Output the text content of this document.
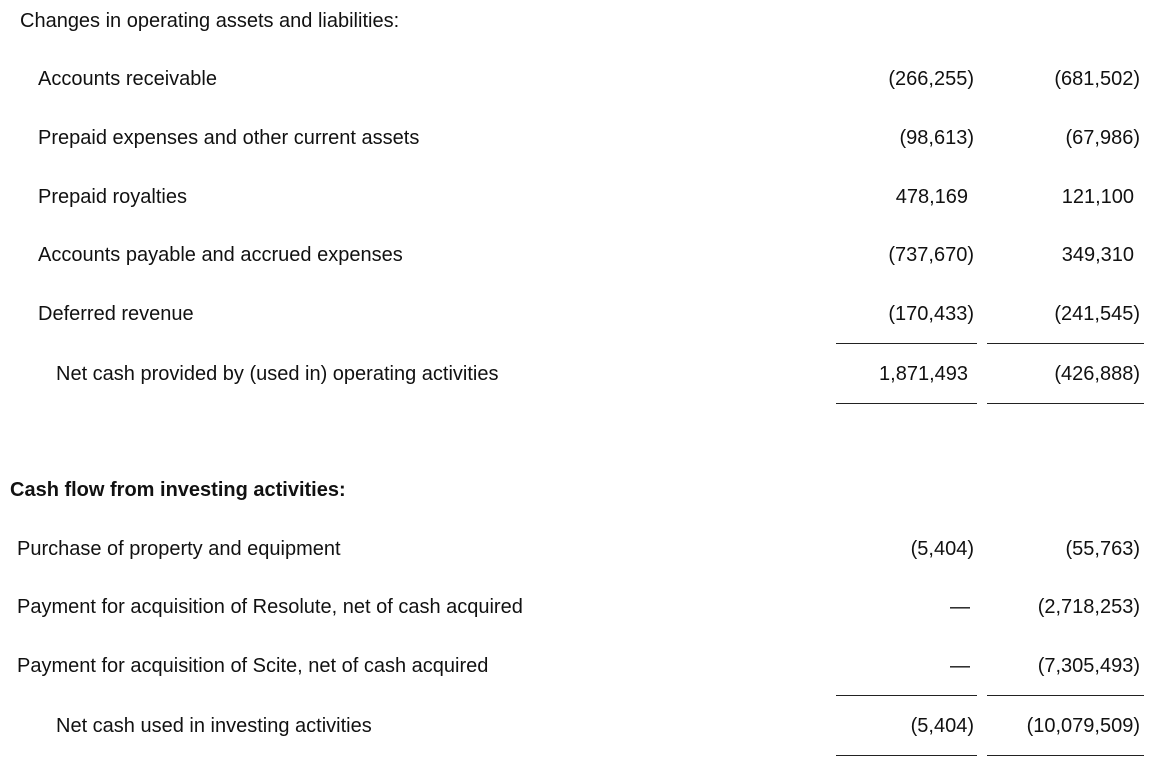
Changes in operating assets and liabilities:
Accounts receivable	(266,255)	(681,502)
Prepaid expenses and other current assets	(98,613)	(67,986)
Prepaid royalties	478,169	121,100
Accounts payable and accrued expenses	(737,670)	349,310
Deferred revenue	(170,433)	(241,545)
Net cash provided by (used in) operating activities	1,871,493	(426,888)
Cash flow from investing activities:
Purchase of property and equipment	(5,404)	(55,763)
Payment for acquisition of Resolute, net of cash acquired	—	(2,718,253)
Payment for acquisition of Scite, net of cash acquired	—	(7,305,493)
Net cash used in investing activities	(5,404)	(10,079,509)
